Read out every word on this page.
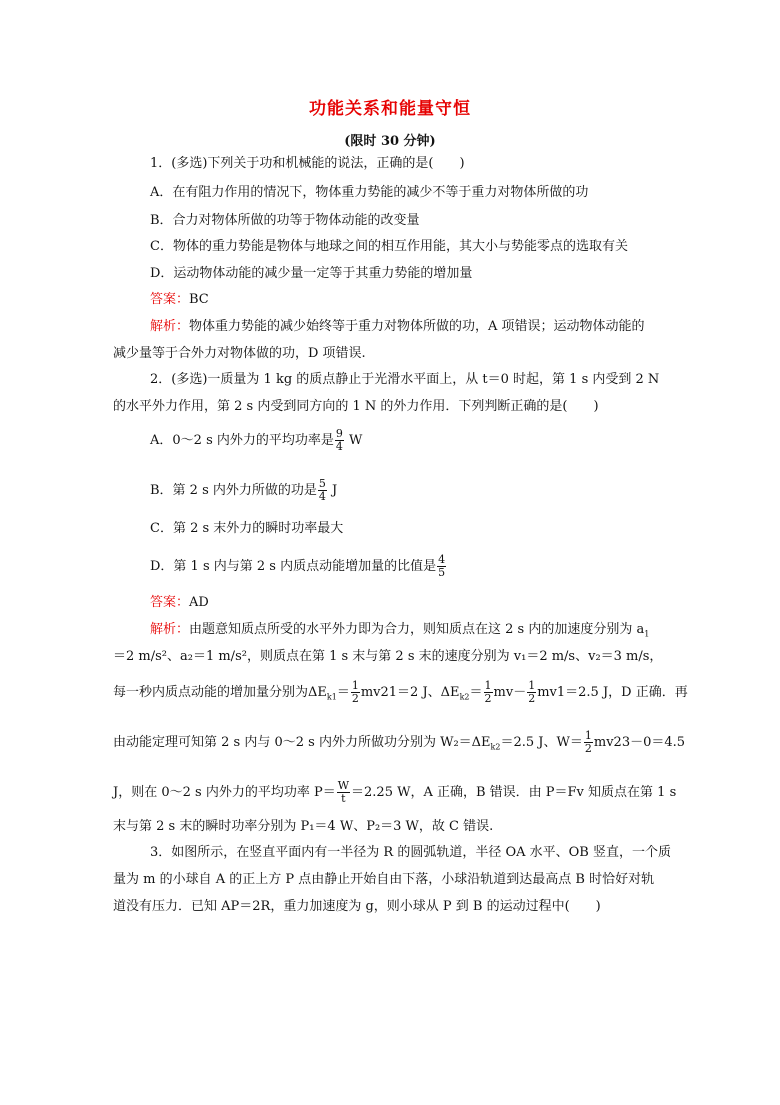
功能关系和能量守恒
(限时 30 分钟)
1．(多选)下列关于功和机械能的说法，正确的是(　　)
A．在有阻力作用的情况下，物体重力势能的减少不等于重力对物体所做的功
B．合力对物体所做的功等于物体动能的改变量
C．物体的重力势能是物体与地球之间的相互作用能，其大小与势能零点的选取有关
D．运动物体动能的减少量一定等于其重力势能的增加量
答案：BC
解析：物体重力势能的减少始终等于重力对物体所做的功，A 项错误；运动物体动能的
减少量等于合外力对物体做的功，D 项错误.
2．(多选)一质量为 1 kg 的质点静止于光滑水平面上，从 t＝0 时起，第 1 s 内受到 2 N
的水平外力作用，第 2 s 内受到同方向的 1 N 的外力作用．下列判断正确的是(　　)
A．0～2 s 内外力的平均功率是 $\frac{9}{4}$ W
B．第 2 s 内外力所做的功是 $\frac{5}{4}$ J
C．第 2 s 末外力的瞬时功率最大
D．第 1 s 内与第 2 s 内质点动能增加量的比值是 $\frac{4}{5}$
答案：AD
解析：由题意知质点所受的水平外力即为合力，则知质点在这 2 s 内的加速度分别为 $a_1$
＝2 m/s²、a₂＝1 m/s²，则质点在第 1 s 末与第 2 s 末的速度分别为 v₁＝2 m/s、v₂＝3 m/s，
每一秒内质点动能的增加量分别为$\Delta E_{k1}= \frac{1}{2} mv21=2$ J、$\Delta E_{k2}= \frac{1}{2} mv- \frac{1}{2} mv1=2.5$ J，D 正确．再
由动能定理可知第 2 s 内与 0～2 s 内外力所做功分别为 $W_2=\Delta E_{k2}=2.5$ J、$W= \frac{1}{2} mv23-0=4.5$
J，则在 0～2 s 内外力的平均功率 $P= \frac{W}{t} =2.25$ W，A 正确，B 错误．由 P＝Fv 知质点在第 1 s
末与第 2 s 末的瞬时功率分别为 P₁＝4 W、P₂＝3 W，故 C 错误.
3．如图所示，在竖直平面内有一半径为 R 的圆弧轨道，半径 OA 水平、OB 竖直，一个质
量为 m 的小球自 A 的正上方 P 点由静止开始自由下落，小球沿轨道到达最高点 B 时恰好对轨
道没有压力．已知 AP＝2R，重力加速度为 g，则小球从 P 到 B 的运动过程中(　　)
